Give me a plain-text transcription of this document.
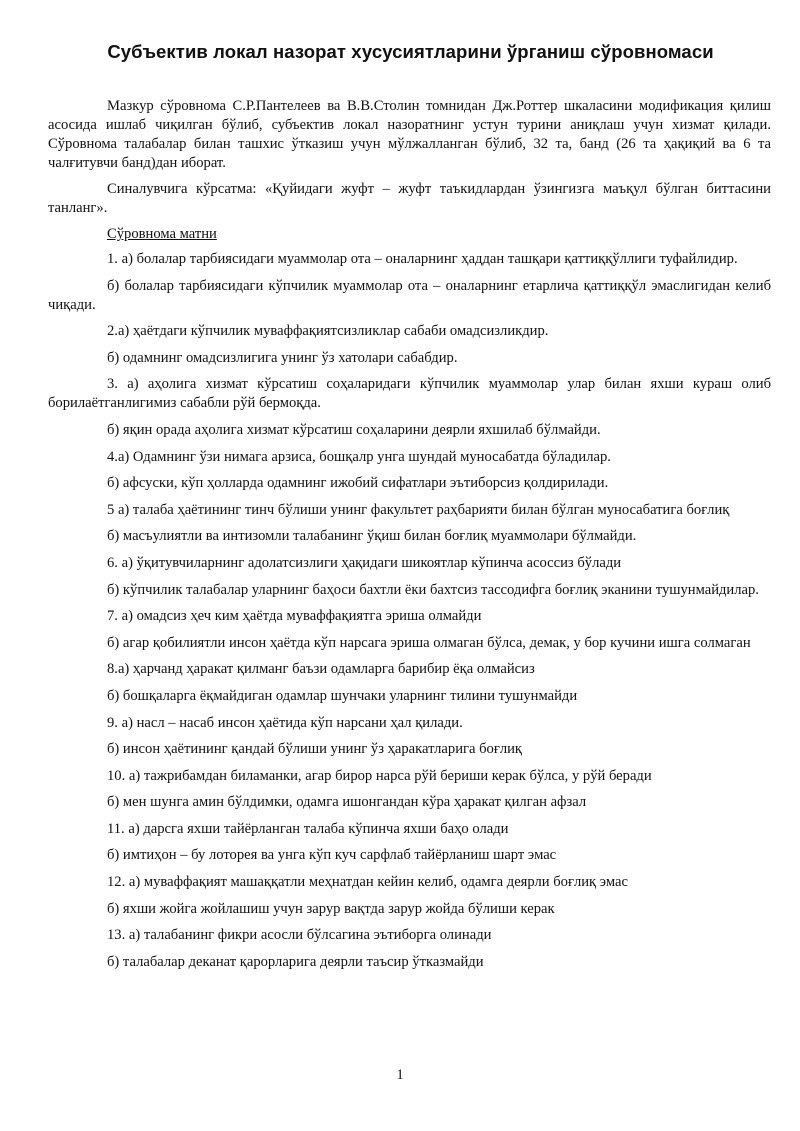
Субъектив локал назорат хусусиятларини ўрганиш сўровномаси

Мазкур сўровнома С.Р.Пантелеев ва В.В.Столин томнидан Дж.Роттер шкаласини модификация қилиш асосида ишлаб чиқилган бўлиб, субъектив локал назоратнинг устун турини аниқлаш учун хизмат қилади. Сўровнома талабалар билан ташхис ўтказиш учун мўлжалланган бўлиб, 32 та, банд (26 та ҳақиқий ва 6 та чалғитувчи банд)дан иборат.

Синалувчига кўрсатма: «Қуйидаги жуфт – жуфт таъкидлардан ўзингизга маъқул бўлган биттасини танланг».

Сўровнома матни

1. а) болалар тарбиясидаги муаммолар ота – оналарнинг ҳаддан ташқари қаттиққўллиги туфайлидир.

б) болалар тарбиясидаги кўпчилик муаммолар ота – оналарнинг етарлича қаттиққўл эмаслигидан келиб чиқади.

2.а) ҳаётдаги кўпчилик муваффақиятсизликлар сабаби омадсизликдир.

б) одамнинг омадсизлигига унинг ўз хатолари сабабдир.

3. а) аҳолига хизмат кўрсатиш соҳаларидаги кўпчилик муаммолар улар билан яхши кураш олиб борилаётганлигимиз сабабли рўй бермоқда.

б) яқин орада аҳолига хизмат кўрсатиш соҳаларини деярли яхшилаб бўлмайди.

4.а) Одамнинг ўзи нимага арзиса, бошқалр унга шундай муносабатда бўладилар.

б) афсуски, кўп ҳолларда одамнинг ижобий сифатлари эътиборсиз қолдирилади.

5 а) талаба ҳаётининг тинч бўлиши унинг факультет раҳбарияти билан бўлган муносабатига боғлиқ

б) масъулиятли ва интизомли талабанинг ўқиш билан боғлиқ муаммолари бўлмайди.

6. а) ўқитувчиларнинг адолатсизлиги ҳақидаги шикоятлар кўпинча асоссиз бўлади

б) кўпчилик талабалар уларнинг баҳоси бахтли ёки бахтсиз тассодифга боғлиқ эканини тушунмайдилар.

7. а) омадсиз ҳеч ким ҳаётда муваффақиятга эриша олмайди

б) агар қобилиятли инсон ҳаётда кўп нарсага эриша олмаган бўлса, демак, у бор кучини ишга солмаган

8.а) ҳарчанд ҳаракат қилманг баъзи одамларга барибир ёқа олмайсиз

б) бошқаларга ёқмайдиган одамлар шунчаки уларнинг тилини тушунмайди

9. а) насл – насаб инсон ҳаётида кўп нарсани ҳал қилади.

б) инсон ҳаётининг қандай бўлиши унинг ўз ҳаракатларига боғлиқ

10. а) тажрибамдан биламанки, агар бирор нарса рўй бериши керак бўлса, у рўй беради

б) мен шунга амин бўлдимки, одамга ишонгандан кўра ҳаракат қилган афзал

11. а) дарсга яхши тайёрланган талаба кўпинча яхши баҳо олади

б) имтиҳон – бу лоторея ва унга кўп куч сарфлаб тайёрланиш шарт эмас

12. а) муваффақият машаққатли меҳнатдан кейин келиб, одамга деярли боғлиқ эмас

б) яхши жойга жойлашиш учун зарур вақтда зарур жойда бўлиши керак

13. а) талабанинг фикри асосли бўлсагина эътиборга олинади

б) талабалар деканат қарорларига деярли таъсир ўтказмайди

1
